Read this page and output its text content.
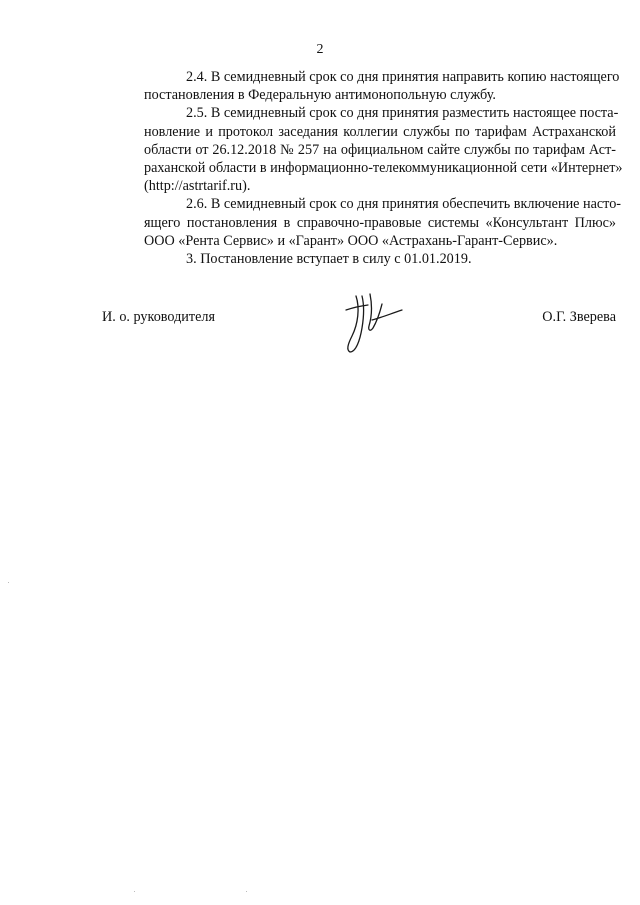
2

2.4. В семидневный срок со дня принятия направить копию настоящего
постановления в Федеральную антимонопольную службу.

2.5. В семидневный срок со дня принятия разместить настоящее поста-
новление и протокол заседания коллегии службы по тарифам Астраханской
области от 26.12.2018 № 257 на официальном сайте службы по тарифам Аст-
раханской области в информационно-телекоммуникационной сети «Интернет»
(http://astrtarif.ru).

2.6. В семидневный срок со дня принятия обеспечить включение насто-
ящего постановления в справочно-правовые системы «Консультант Плюс»
ООО «Рента Сервис» и «Гарант» ООО «Астрахань-Гарант-Сервис».

3. Постановление вступает в силу с 01.01.2019.

И. о. руководителя	О.Г. Зверева
